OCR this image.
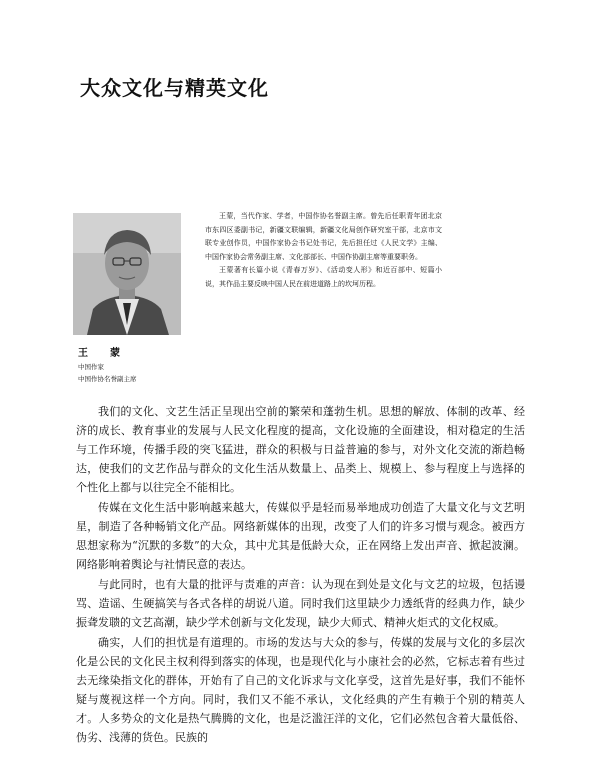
大众文化与精英文化

王蒙，当代作家、学者，中国作协名誉副主席。曾先后任职青年团北京市东四区委副书记，新疆文联编辑，新疆文化局创作研究室干部，北京市文联专业创作员，中国作家协会书记处书记，先后担任过《人民文学》主编、中国作家协会常务副主席、文化部部长、中国作协副主席等重要职务。

王蒙著有长篇小说《青春万岁》、《活动变人形》和近百部中、短篇小说，其作品主要反映中国人民在前进道路上的坎坷历程。

王　蒙
中国作家
中国作协名誉副主席

我们的文化、文艺生活正呈现出空前的繁荣和蓬勃生机。思想的解放、体制的改革、经济的成长、教育事业的发展与人民文化程度的提高，文化设施的全面建设，相对稳定的生活与工作环境，传播手段的突飞猛进，群众的积极与日益普遍的参与，对外文化交流的渐趋畅达，使我们的文艺作品与群众的文化生活从数量上、品类上、规模上、参与程度上与选择的个性化上都与以往完全不能相比。

传媒在文化生活中影响越来越大，传媒似乎是轻而易举地成功创造了大量文化与文艺明星，制造了各种畅销文化产品。网络新媒体的出现，改变了人们的许多习惯与观念。被西方思想家称为“沉默的多数”的大众，其中尤其是低龄大众，正在网络上发出声音、掀起波澜。网络影响着舆论与社情民意的表达。

与此同时，也有大量的批评与责难的声音：认为现在到处是文化与文艺的垃圾，包括谩骂、造谣、生硬搞笑与各式各样的胡说八道。同时我们这里缺少力透纸背的经典力作，缺少振聋发聩的文艺高潮，缺少学术创新与文化发现，缺少大师式、精神火炬式的文化权威。

确实，人们的担忧是有道理的。市场的发达与大众的参与，传媒的发展与文化的多层次化是公民的文化民主权利得到落实的体现，也是现代化与小康社会的必然，它标志着有些过去无缘染指文化的群体，开始有了自己的文化诉求与文化享受，这首先是好事，我们不能怀疑与蔑视这样一个方向。同时，我们又不能不承认，文化经典的产生有赖于个别的精英人才。人多势众的文化是热气腾腾的文化，也是泛滥汪洋的文化，它们必然包含着大量低俗、伪劣、浅薄的货色。民族的
